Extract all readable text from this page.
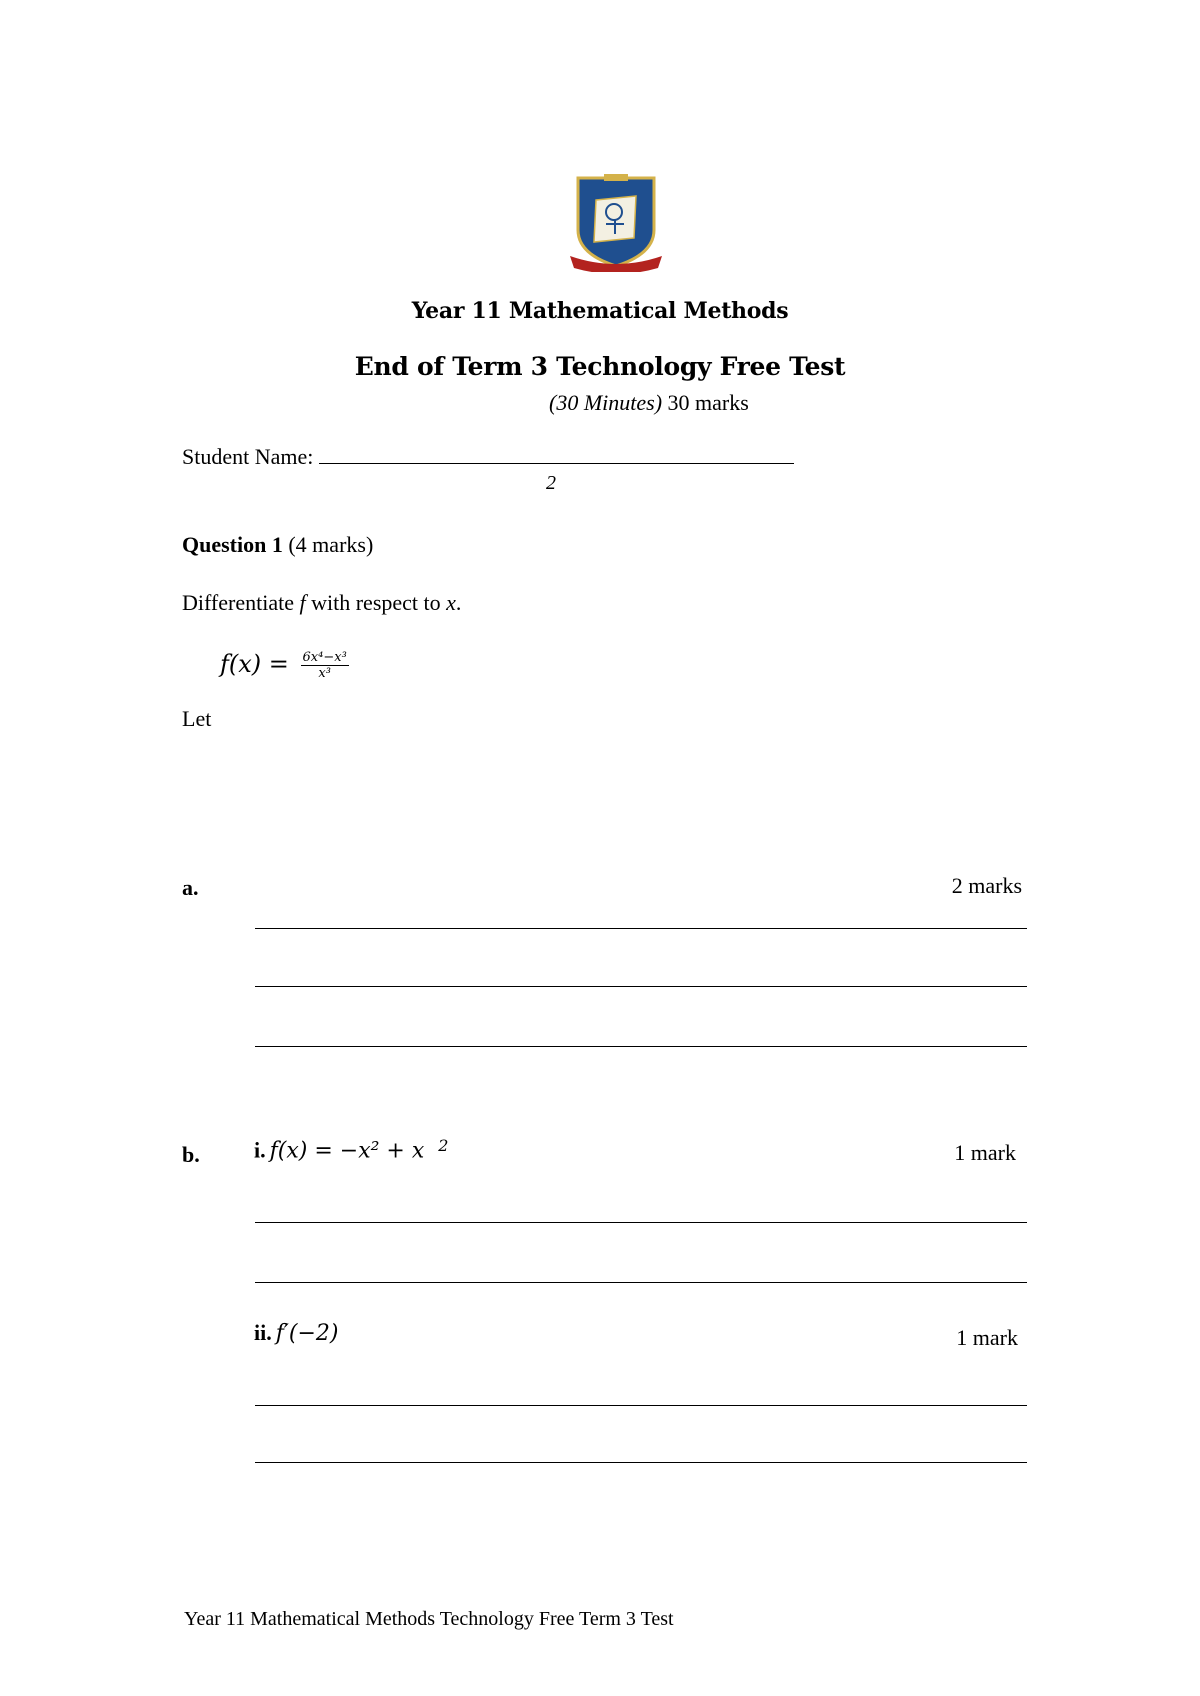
Year 11 Mathematical Methods
End of Term 3 Technology Free Test
(30 Minutes) 30 marks
Student Name:
2
Question 1 (4 marks)
Differentiate f with respect to x.
$f(x) = \frac{\text{6x⁴−x³}}{\text{x³}}$
Let
a.	2 marks
b. i. f(x) = −x² + x $^2$	1 mark
ii. f′(−2)	1 mark
Year 11 Mathematical Methods Technology Free Term 3 Test
